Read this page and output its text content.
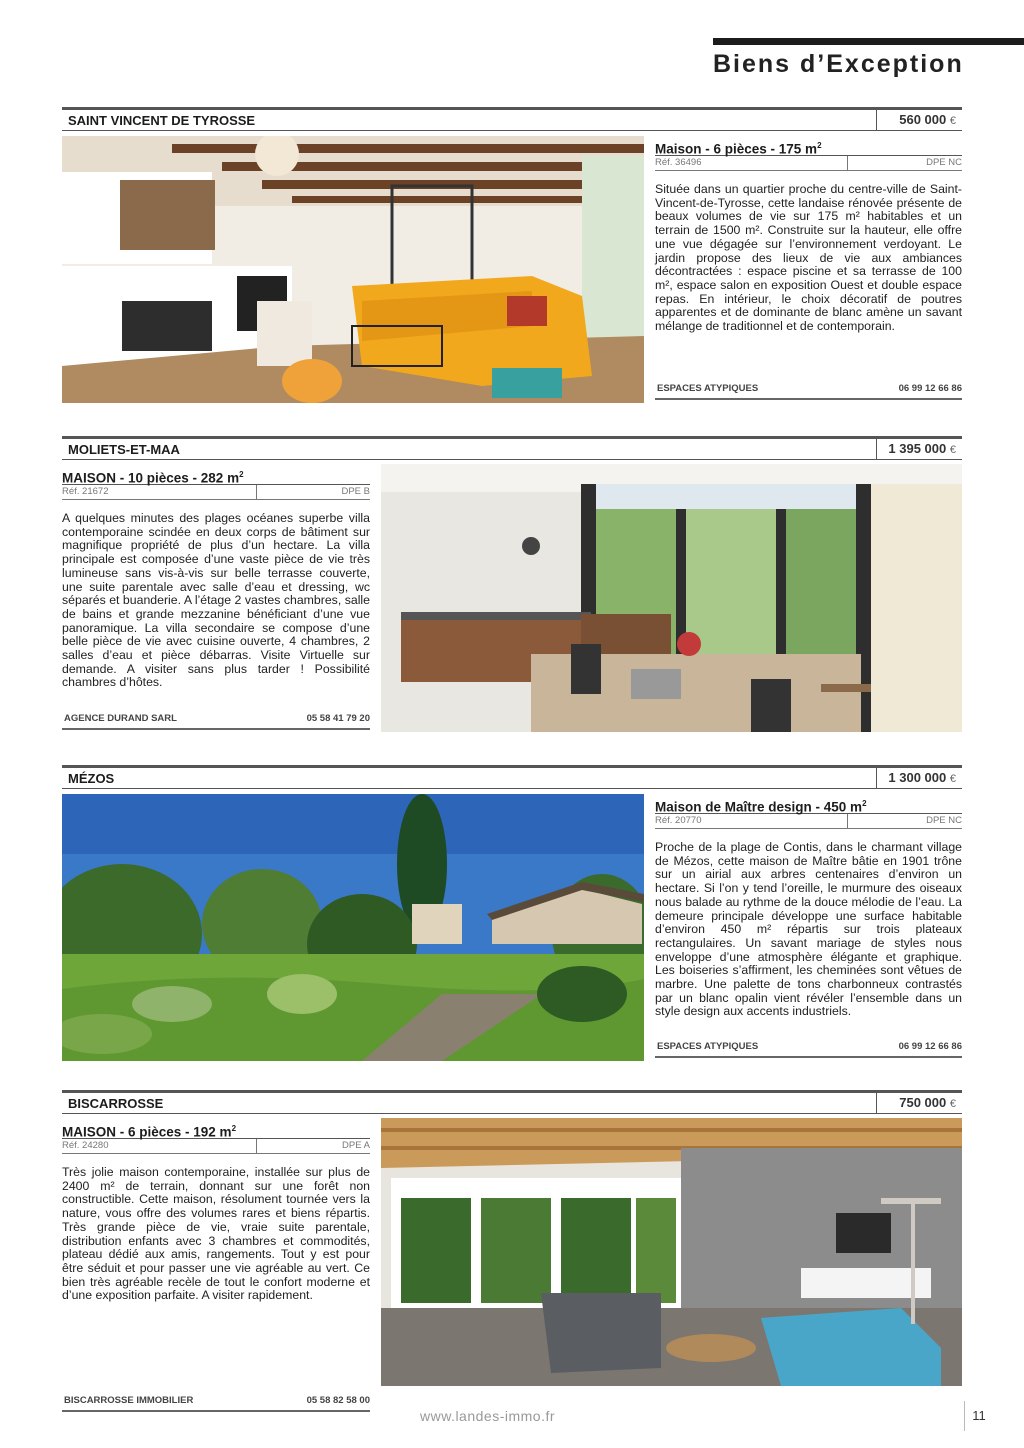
Biens d’Exception
SAINT VINCENT DE TYROSSE	560 000 €
Maison - 6 pièces - 175 $m^2$
Réf. 36496	DPE NC
Située dans un quartier proche du centre-ville de Saint-Vincent-de-Tyrosse, cette landaise rénovée présente de beaux volumes de vie sur 175 m² habitables et un terrain de 1500 m². Construite sur la hauteur, elle offre une vue dégagée sur l’environnement verdoyant. Le jardin propose des lieux de vie aux ambiances décontractées : espace piscine et sa terrasse de 100 m², espace salon en exposition Ouest et double espace repas. En intérieur, le choix décoratif de poutres apparentes et de dominante de blanc amène un savant mélange de traditionnel et de contemporain.
ESPACES ATYPIQUES	06 99 12 66 86
MOLIETS-ET-MAA	1 395 000 €
MAISON - 10 pièces - 282 $m^2$
Réf. 21672	DPE B
A quelques minutes des plages océanes superbe villa contemporaine scindée en deux corps de bâtiment sur magnifique propriété de plus d’un hectare. La villa principale est composée d’une vaste pièce de vie très lumineuse sans vis-à-vis sur belle terrasse couverte, une suite parentale avec salle d’eau et dressing, wc séparés et buanderie. A l’étage 2 vastes chambres, salle de bains et grande mezzanine bénéficiant d’une vue panoramique. La villa secondaire se compose d’une belle pièce de vie avec cuisine ouverte, 4 chambres, 2 salles d’eau et pièce débarras. Visite Virtuelle sur demande. A visiter sans plus tarder ! Possibilité chambres d’hôtes.
AGENCE DURAND SARL	05 58 41 79 20
MÉZOS	1 300 000 €
Maison de Maître design - 450 $m^2$
Réf. 20770	DPE NC
Proche de la plage de Contis, dans le charmant village de Mézos, cette maison de Maître bâtie en 1901 trône sur un airial aux arbres centenaires d’environ un hectare. Si l’on y tend l’oreille, le murmure des oiseaux nous balade au rythme de la douce mélodie de l’eau. La demeure principale développe une surface habitable d’environ 450 m² répartis sur trois plateaux rectangulaires. Un savant mariage de styles nous enveloppe d’une atmosphère élégante et graphique. Les boiseries s’affirment, les cheminées sont vêtues de marbre. Une palette de tons charbonneux contrastés par un blanc opalin vient révéler l’ensemble dans un style design aux accents industriels.
ESPACES ATYPIQUES	06 99 12 66 86
BISCARROSSE	750 000 €
MAISON - 6 pièces - 192 $m^2$
Réf. 24280	DPE A
Très jolie maison contemporaine, installée sur plus de 2400 m² de terrain, donnant sur une forêt non constructible. Cette maison, résolument tournée vers la nature, vous offre des volumes rares et biens répartis. Très grande pièce de vie, vraie suite parentale, distribution enfants avec 3 chambres et commodités, plateau dédié aux amis, rangements. Tout y est pour être séduit et pour passer une vie agréable au vert. Ce bien très agréable recèle de tout le confort moderne et d’une exposition parfaite. A visiter rapidement.
BISCARROSSE IMMOBILIER	05 58 82 58 00
www.landes-immo.fr	11
